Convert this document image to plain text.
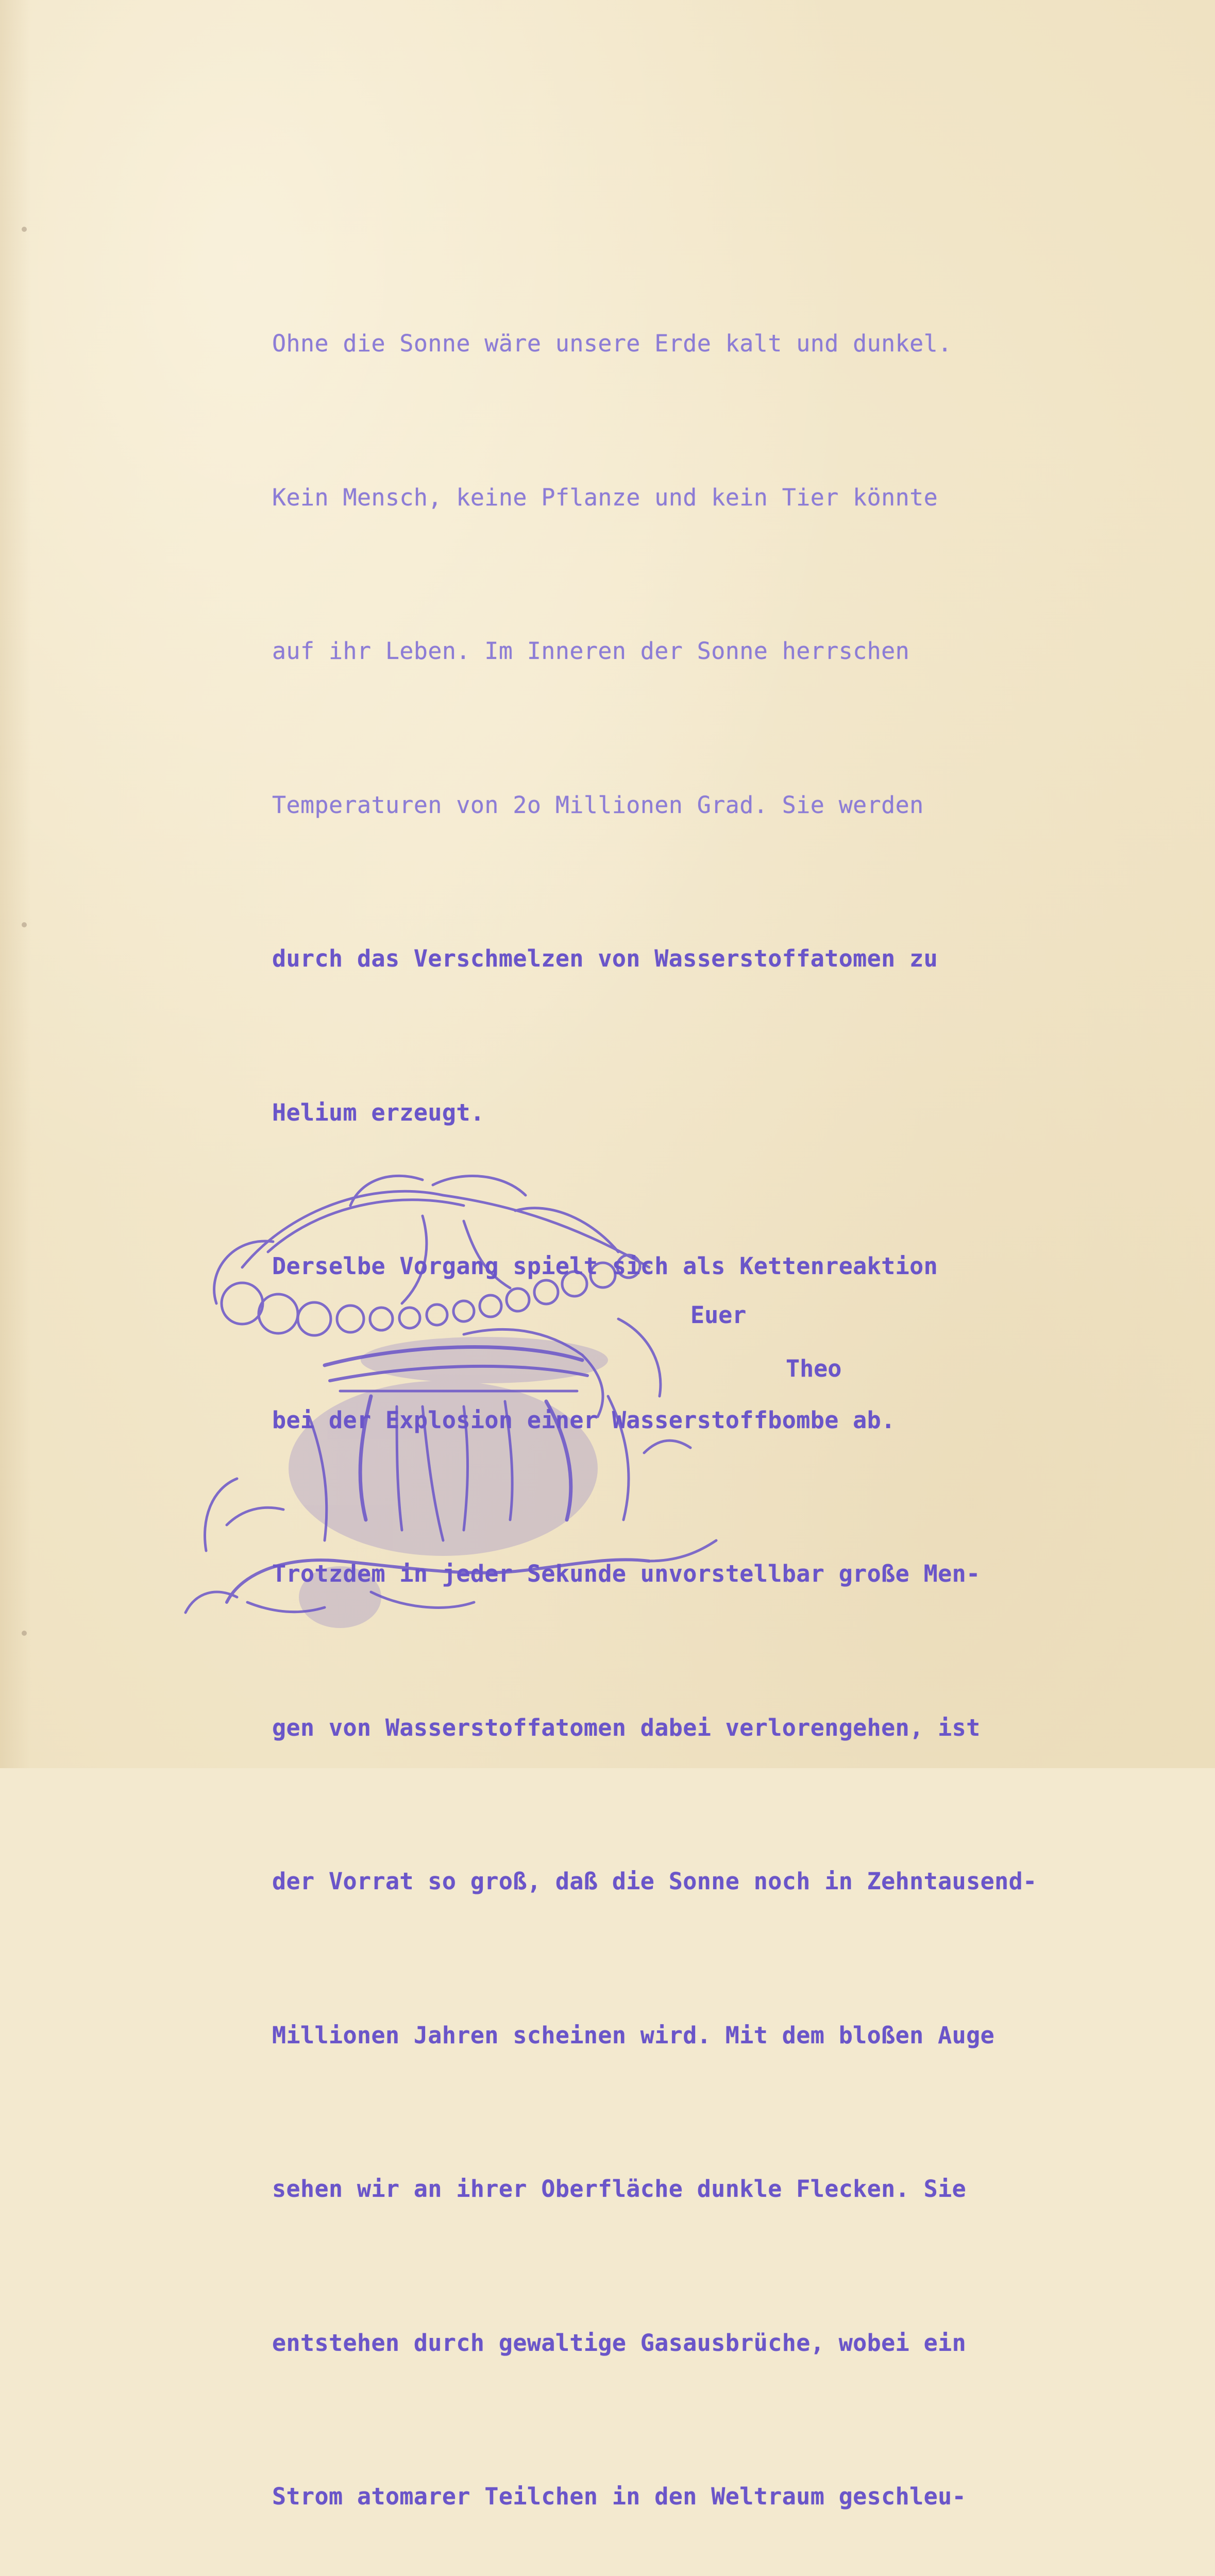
Ohne die Sonne wäre unsere Erde kalt und dunkel.

Kein Mensch, keine Pflanze und kein Tier könnte

auf ihr Leben. Im Inneren der Sonne herrschen

Temperaturen von 2o Millionen Grad. Sie werden

durch das Verschmelzen von Wasserstoffatomen zu

Helium erzeugt.

Derselbe Vorgang spielt sich als Kettenreaktion

bei der Explosion einer Wasserstoffbombe ab.

Trotzdem in jeder Sekunde unvorstellbar große Men-

gen von Wasserstoffatomen dabei verlorengehen, ist

der Vorrat so groß, daß die Sonne noch in Zehntausend-

Millionen Jahren scheinen wird. Mit dem bloßen Auge

sehen wir an ihrer Oberfläche dunkle Flecken. Sie

entstehen durch gewaltige Gasausbrüche, wobei ein

Strom atomarer Teilchen in den Weltraum geschleu-

Euer
Theo
